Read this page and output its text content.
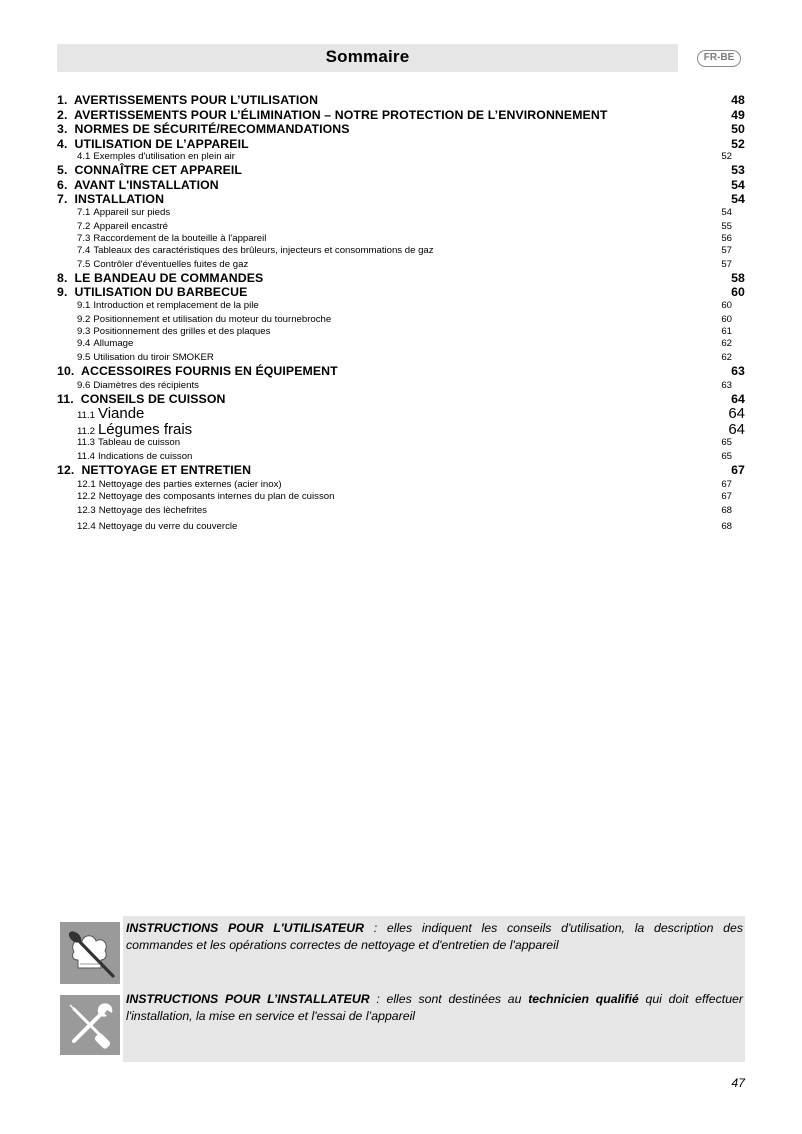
Sommaire	FR-BE
1. AVERTISSEMENTS POUR L’UTILISATION	48
2. AVERTISSEMENTS POUR L’ÉLIMINATION – NOTRE PROTECTION DE L’ENVIRONNEMENT	49
3. NORMES DE SÉCURITÉ/RECOMMANDATIONS	50
4. UTILISATION DE L’APPAREIL	52
4.1 Exemples d'utilisation en plein air	52
5. CONNAÎTRE CET APPAREIL	53
6. AVANT L'INSTALLATION	54
7. INSTALLATION	54
7.1 Appareil sur pieds	54
7.2 Appareil encastré	55
7.3 Raccordement de la bouteille à l'appareil	56
7.4 Tableaux des caractéristiques des brûleurs, injecteurs et consommations de gaz	57
7.5 Contrôler d'éventuelles fuites de gaz	57
8. LE BANDEAU DE COMMANDES	58
9. UTILISATION DU BARBECUE	60
9.1 Introduction et remplacement de la pile	60
9.2 Positionnement et utilisation du moteur du tournebroche	60
9.3 Positionnement des grilles et des plaques	61
9.4 Allumage	62
9.5 Utilisation du tiroir SMOKER	62
10. ACCESSOIRES FOURNIS EN ÉQUIPEMENT	63
9.6 Diamètres des récipients	63
11. CONSEILS DE CUISSON	64
11.1 Viande	64
11.2 Légumes frais	64
11.3 Tableau de cuisson	65
11.4 Indications de cuisson	65
12. NETTOYAGE ET ENTRETIEN	67
12.1 Nettoyage des parties externes (acier inox)	67
12.2 Nettoyage des composants internes du plan de cuisson	67
12.3 Nettoyage des lèchefrites	68
12.4 Nettoyage du verre du couvercle	68

INSTRUCTIONS POUR L'UTILISATEUR : elles indiquent les conseils d'utilisation, la description des commandes et les opérations correctes de nettoyage et d'entretien de l'appareil

INSTRUCTIONS POUR L’INSTALLATEUR : elles sont destinées au technicien qualifié qui doit effectuer l'installation, la mise en service et l'essai de l’appareil

47
